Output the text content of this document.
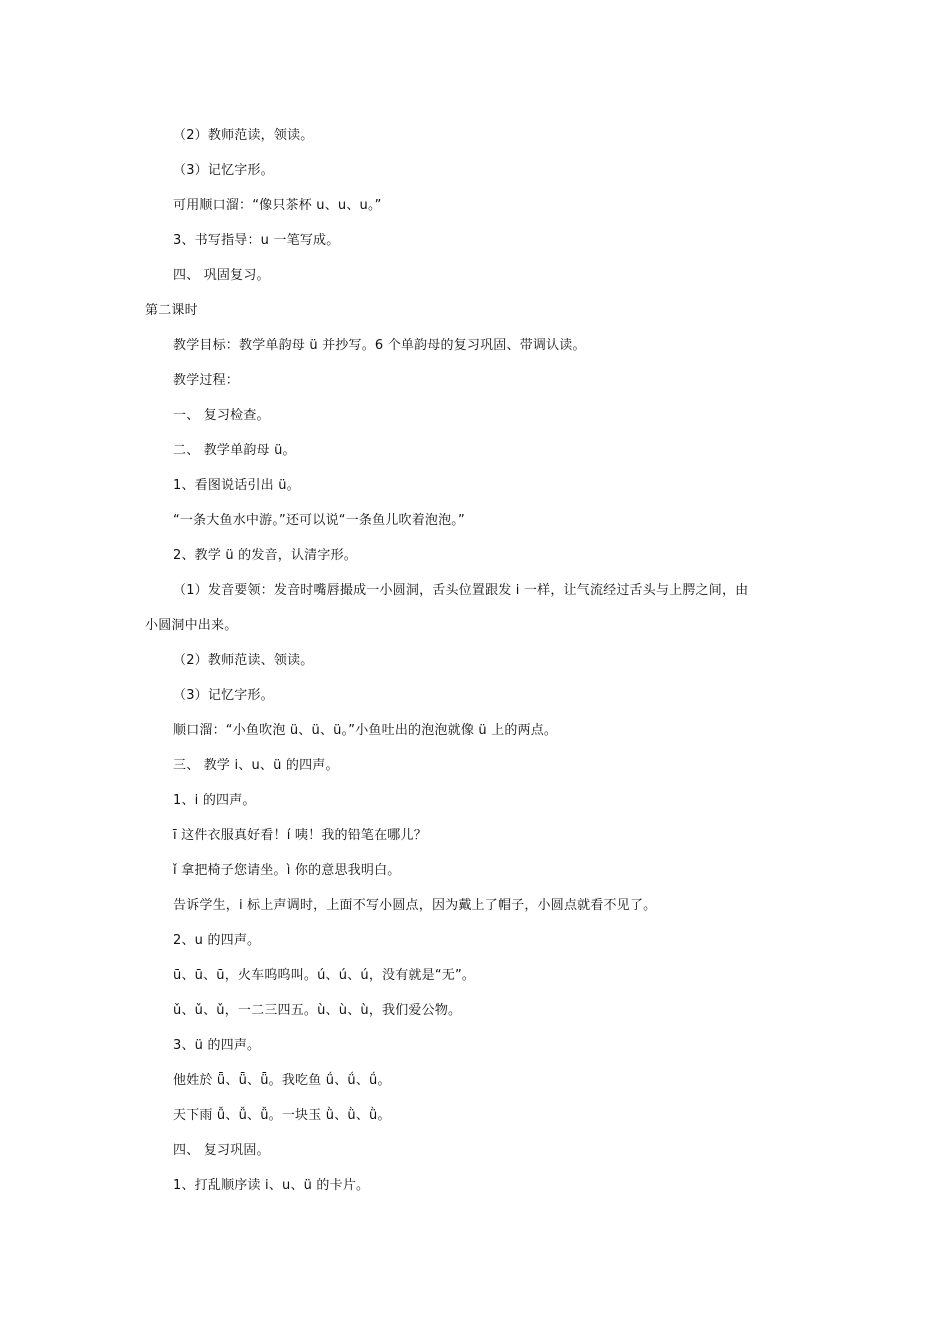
（2）教师范读，领读。
（3）记忆字形。
可用顺口溜：“像只茶杯 u、u、u。”
3、书写指导：u 一笔写成。
四、 巩固复习。
第二课时
教学目标：教学单韵母 ü 并抄写。6 个单韵母的复习巩固、带调认读。
教学过程：
一、 复习检查。
二、 教学单韵母 ü。
1、看图说话引出 ü。
“一条大鱼水中游。”还可以说“一条鱼儿吹着泡泡。”
2、教学 ü 的发音，认清字形。
（1）发音要领：发音时嘴唇撮成一小圆洞，舌头位置跟发 i 一样，让气流经过舌头与上腭之间，由
小圆洞中出来。
（2）教师范读、领读。
（3）记忆字形。
顺口溜：“小鱼吹泡 ü、ü、ü。”小鱼吐出的泡泡就像 ü 上的两点。
三、 教学 i、u、ü 的四声。
1、i 的四声。
ī 这件衣服真好看！í 咦！我的铅笔在哪儿？
ǐ 拿把椅子您请坐。ì 你的意思我明白。
告诉学生，i 标上声调时，上面不写小圆点，因为戴上了帽子，小圆点就看不见了。
2、u 的四声。
ū、ū、ū，火车呜呜叫。ú、ú、ú，没有就是“无”。
ǔ、ǔ、ǔ，一二三四五。ù、ù、ù，我们爱公物。
3、ü 的四声。
他姓於 ǖ、ǖ、ǖ。我吃鱼 ǘ、ǘ、ǘ。
天下雨 ǚ、ǚ、ǚ。一块玉 ǜ、ǜ、ǜ。
四、 复习巩固。
1、打乱顺序读 i、u、ü 的卡片。
